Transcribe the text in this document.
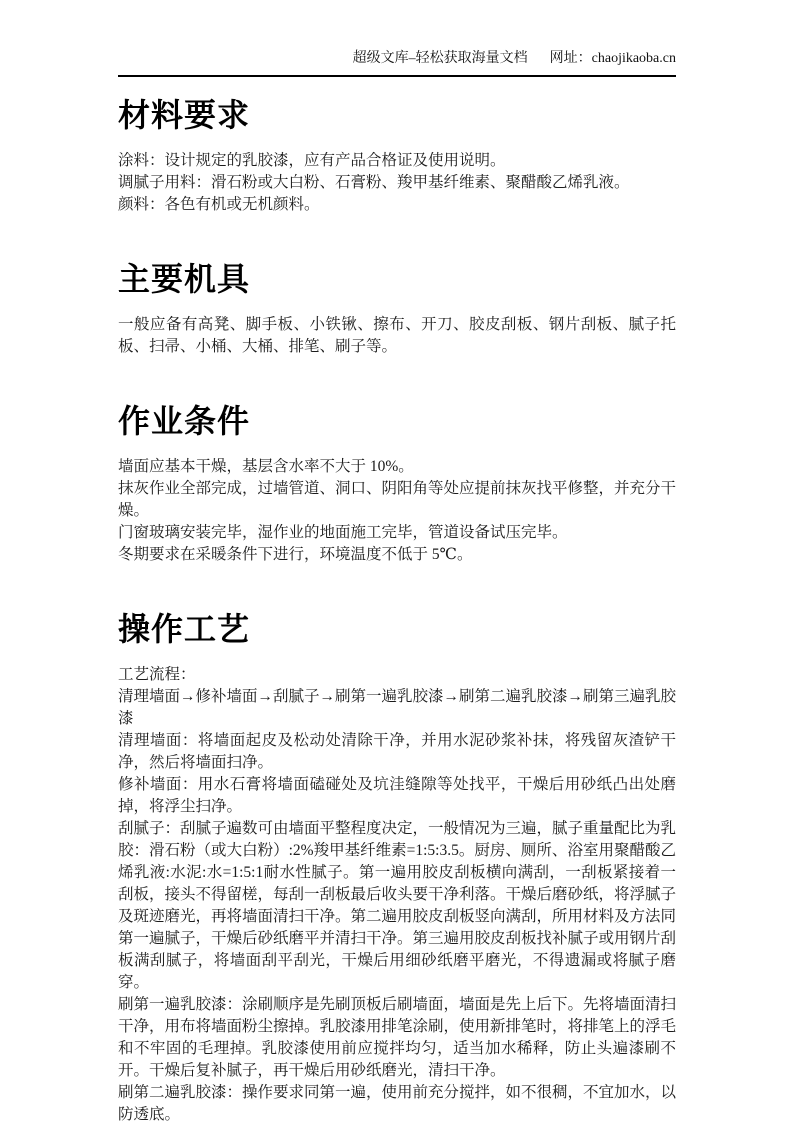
超级文库–轻松获取海量文档 网址：chaojikaoba.cn
材料要求

涂料：设计规定的乳胶漆，应有产品合格证及使用说明。

调腻子用料：滑石粉或大白粉、石膏粉、羧甲基纤维素、聚醋酸乙烯乳液。

颜料：各色有机或无机颜料。

主要机具

一般应备有高凳、脚手板、小铁锹、擦布、开刀、胶皮刮板、钢片刮板、腻子托板、扫帚、小桶、大桶、排笔、刷子等。

作业条件

墙面应基本干燥，基层含水率不大于 10%。

抹灰作业全部完成，过墙管道、洞口、阴阳角等处应提前抹灰找平修整，并充分干燥。

门窗玻璃安装完毕，湿作业的地面施工完毕，管道设备试压完毕。

冬期要求在采暖条件下进行，环境温度不低于 5℃。

操作工艺

工艺流程：

清理墙面→修补墙面→刮腻子→刷第一遍乳胶漆→刷第二遍乳胶漆→刷第三遍乳胶漆

清理墙面：将墙面起皮及松动处清除干净，并用水泥砂浆补抹，将残留灰渣铲干净，然后将墙面扫净。

修补墙面：用水石膏将墙面磕碰处及坑洼缝隙等处找平，干燥后用砂纸凸出处磨掉，将浮尘扫净。

刮腻子：刮腻子遍数可由墙面平整程度决定，一般情况为三遍，腻子重量配比为乳胶：滑石粉（或大白粉）:2%羧甲基纤维素=1:5:3.5。厨房、厕所、浴室用聚醋酸乙烯乳液:水泥:水=1:5:1耐水性腻子。第一遍用胶皮刮板横向满刮，一刮板紧接着一刮板，接头不得留槎，每刮一刮板最后收头要干净利落。干燥后磨砂纸，将浮腻子及斑迹磨光，再将墙面清扫干净。第二遍用胶皮刮板竖向满刮，所用材料及方法同第一遍腻子，干燥后砂纸磨平并清扫干净。第三遍用胶皮刮板找补腻子或用钢片刮板满刮腻子，将墙面刮平刮光，干燥后用细砂纸磨平磨光，不得遗漏或将腻子磨穿。

刷第一遍乳胶漆：涂刷顺序是先刷顶板后刷墙面，墙面是先上后下。先将墙面清扫干净，用布将墙面粉尘擦掉。乳胶漆用排笔涂刷，使用新排笔时，将排笔上的浮毛和不牢固的毛理掉。乳胶漆使用前应搅拌均匀，适当加水稀释，防止头遍漆刷不开。干燥后复补腻子，再干燥后用砂纸磨光，清扫干净。

刷第二遍乳胶漆：操作要求同第一遍，使用前充分搅拌，如不很稠，不宜加水，以防透底。
